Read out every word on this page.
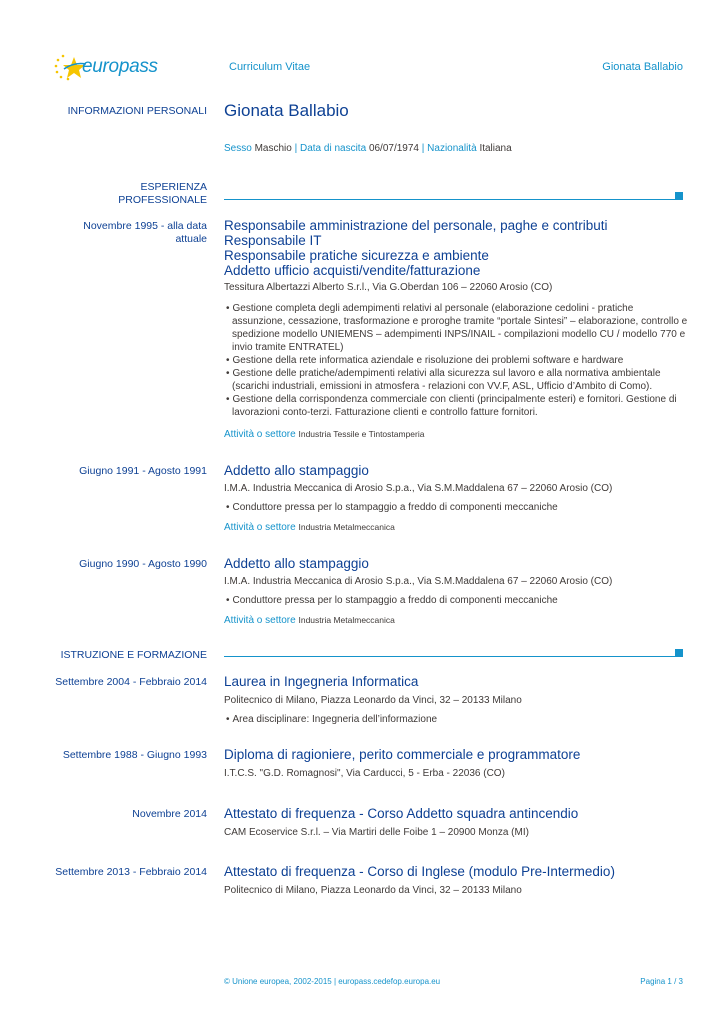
europass	Curriculum Vitae	Gionata Ballabio
INFORMAZIONI PERSONALI Gionata Ballabio
Sesso Maschio | Data di nascita 06/07/1974 | Nazionalità Italiana
ESPERIENZA
PROFESSIONALE
Novembre 1995 - alla data
attuale
Responsabile amministrazione del personale, paghe e contributi
Responsabile IT
Responsabile pratiche sicurezza e ambiente
Addetto ufficio acquisti/vendite/fatturazione
Tessitura Albertazzi Alberto S.r.l., Via G.Oberdan 106 – 22060 Arosio (CO)
• Gestione completa degli adempimenti relativi al personale (elaborazione cedolini - pratiche assunzione, cessazione, trasformazione e proroghe tramite “portale Sintesi” – elaborazione, controllo e spedizione modello UNIEMENS – adempimenti INPS/INAIL - compilazioni modello CU / modello 770 e invio tramite ENTRATEL)
• Gestione della rete informatica aziendale e risoluzione dei problemi software e hardware
• Gestione delle pratiche/adempimenti relativi alla sicurezza sul lavoro e alla normativa ambientale (scarichi industriali, emissioni in atmosfera - relazioni con VV.F, ASL, Ufficio d’Ambito di Como).
• Gestione della corrispondenza commerciale con clienti (principalmente esteri) e fornitori. Gestione di lavorazioni conto-terzi. Fatturazione clienti e controllo fatture fornitori.
Attività o settore Industria Tessile e Tintostamperia
Giugno 1991 - Agosto 1991 Addetto allo stampaggio
I.M.A. Industria Meccanica di Arosio S.p.a., Via S.M.Maddalena 67 – 22060 Arosio (CO)
• Conduttore pressa per lo stampaggio a freddo di componenti meccaniche
Attività o settore Industria Metalmeccanica
Giugno 1990 - Agosto 1990 Addetto allo stampaggio
I.M.A. Industria Meccanica di Arosio S.p.a., Via S.M.Maddalena 67 – 22060 Arosio (CO)
• Conduttore pressa per lo stampaggio a freddo di componenti meccaniche
Attività o settore Industria Metalmeccanica
ISTRUZIONE E FORMAZIONE
Settembre 2004 - Febbraio 2014 Laurea in Ingegneria Informatica
Politecnico di Milano, Piazza Leonardo da Vinci, 32 – 20133 Milano
• Area disciplinare: Ingegneria dell’informazione
Settembre 1988 - Giugno 1993 Diploma di ragioniere, perito commerciale e programmatore
I.T.C.S. "G.D. Romagnosi", Via Carducci, 5 - Erba - 22036 (CO)
Novembre 2014 Attestato di frequenza - Corso Addetto squadra antincendio
CAM Ecoservice S.r.l. – Via Martiri delle Foibe 1 – 20900 Monza (MI)
Settembre 2013 - Febbraio 2014 Attestato di frequenza - Corso di Inglese (modulo Pre-Intermedio)
Politecnico di Milano, Piazza Leonardo da Vinci, 32 – 20133 Milano
© Unione europea, 2002-2015 | europass.cedefop.europa.eu	Pagina 1 / 3
